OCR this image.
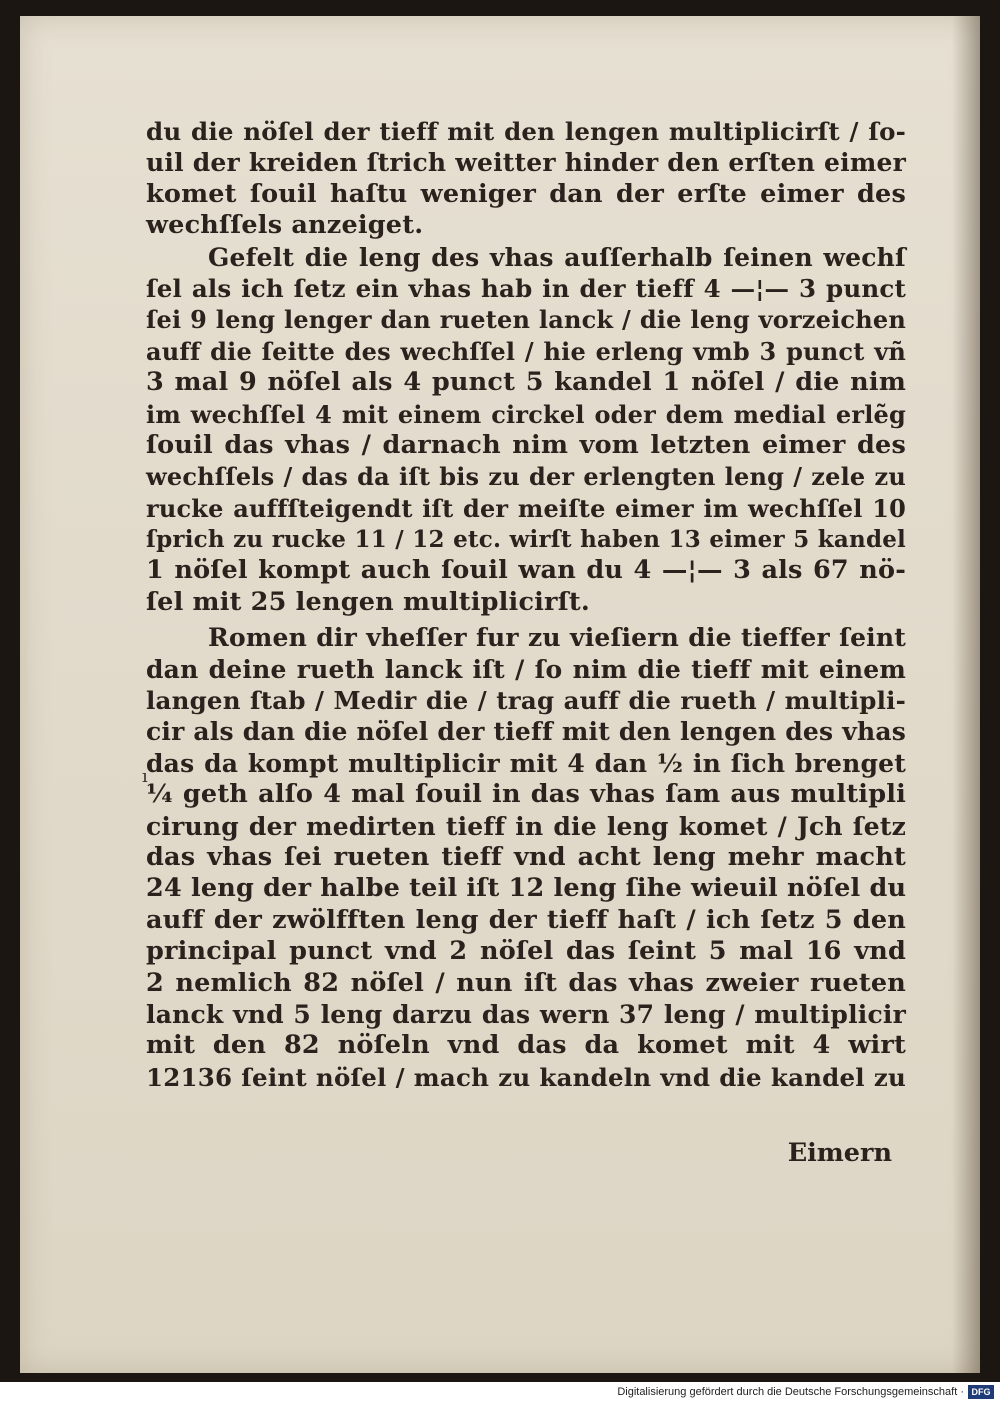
du die nöſel der tieff mit den lengen multiplicirſt / ſo-
uil der kreiden ſtrich weitter hinder den erſten eimer
komet ſouil haſtu weniger dan der erſte eimer des
wechſſels anzeiget.
Gefelt die leng des vhas auſſerhalb ſeinen wechſ
ſel als ich ſetz ein vhas hab in der tieff 4 —¦— 3 punct
ſei 9 leng lenger dan rueten lanck / die leng vorzeichen
auff die ſeitte des wechſſel / hie erleng vmb 3 punct vñ
3 mal 9 nöſel als 4 punct 5 kandel 1 nöſel / die nim
im wechſſel 4 mit einem circkel oder dem medial erlẽg
ſouil das vhas / darnach nim vom letzten eimer des
wechſſels / das da iſt bis zu der erlengten leng / zele zu
rucke auffſteigendt iſt der meiſte eimer im wechſſel 10
ſprich zu rucke 11 / 12 etc. wirſt haben 13 eimer 5 kandel
1 nöſel kompt auch ſouil wan du 4 —¦— 3 als 67 nö-
ſel mit 25 lengen multiplicirſt.
Romen dir vheſſer fur zu vieſiern die tieffer ſeint
dan deine rueth lanck iſt / ſo nim die tieff mit einem
langen ſtab / Medir die / trag auff die rueth / multipli-
cir als dan die nöſel der tieff mit den lengen des vhas
das da kompt multiplicir mit 4 dan ½ in ſich brenget
¼ geth alſo 4 mal ſouil in das vhas ſam aus multipli
cirung der medirten tieff in die leng komet / Jch ſetz
das vhas ſei rueten tieff vnd acht leng mehr macht
24 leng der halbe teil iſt 12 leng ſihe wieuil nöſel du
auff der zwölfften leng der tieff haſt / ich ſetz 5 den
principal punct vnd 2 nöſel das ſeint 5 mal 16 vnd
2 nemlich 82 nöſel / nun iſt das vhas zweier rueten
lanck vnd 5 leng darzu das wern 37 leng / multiplicir
mit den 82 nöſeln vnd das da komet mit 4 wirt
12136 ſeint nöſel / mach zu kandeln vnd die kandel zu
ı
Eimern
Digitalisierung gefördert durch die Deutsche Forschungsgemeinschaft · DFG
